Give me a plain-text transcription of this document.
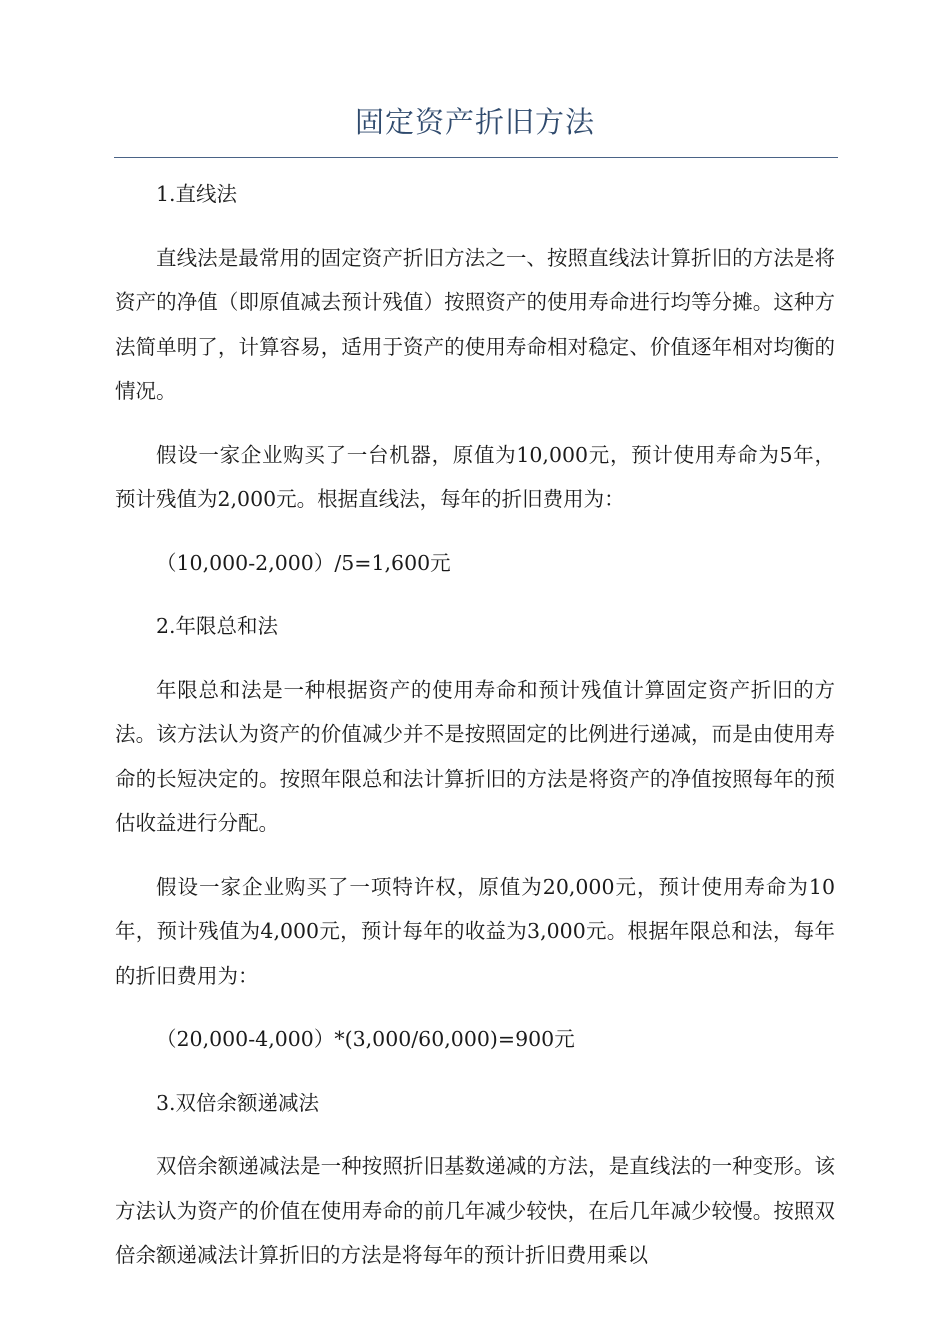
固定资产折旧方法

1.直线法

直线法是最常用的固定资产折旧方法之一、按照直线法计算折旧的方法是将资产的净值（即原值减去预计残值）按照资产的使用寿命进行均等分摊。这种方法简单明了，计算容易，适用于资产的使用寿命相对稳定、价值逐年相对均衡的情况。

假设一家企业购买了一台机器，原值为10,000元，预计使用寿命为5年，预计残值为2,000元。根据直线法，每年的折旧费用为：

（10,000-2,000）/5=1,600元

2.年限总和法

年限总和法是一种根据资产的使用寿命和预计残值计算固定资产折旧的方法。该方法认为资产的价值减少并不是按照固定的比例进行递减，而是由使用寿命的长短决定的。按照年限总和法计算折旧的方法是将资产的净值按照每年的预估收益进行分配。

假设一家企业购买了一项特许权，原值为20,000元，预计使用寿命为10年，预计残值为4,000元，预计每年的收益为3,000元。根据年限总和法，每年的折旧费用为：

（20,000-4,000）*(3,000/60,000)=900元

3.双倍余额递减法

双倍余额递减法是一种按照折旧基数递减的方法，是直线法的一种变形。该方法认为资产的价值在使用寿命的前几年减少较快，在后几年减少较慢。按照双倍余额递减法计算折旧的方法是将每年的预计折旧费用乘以
